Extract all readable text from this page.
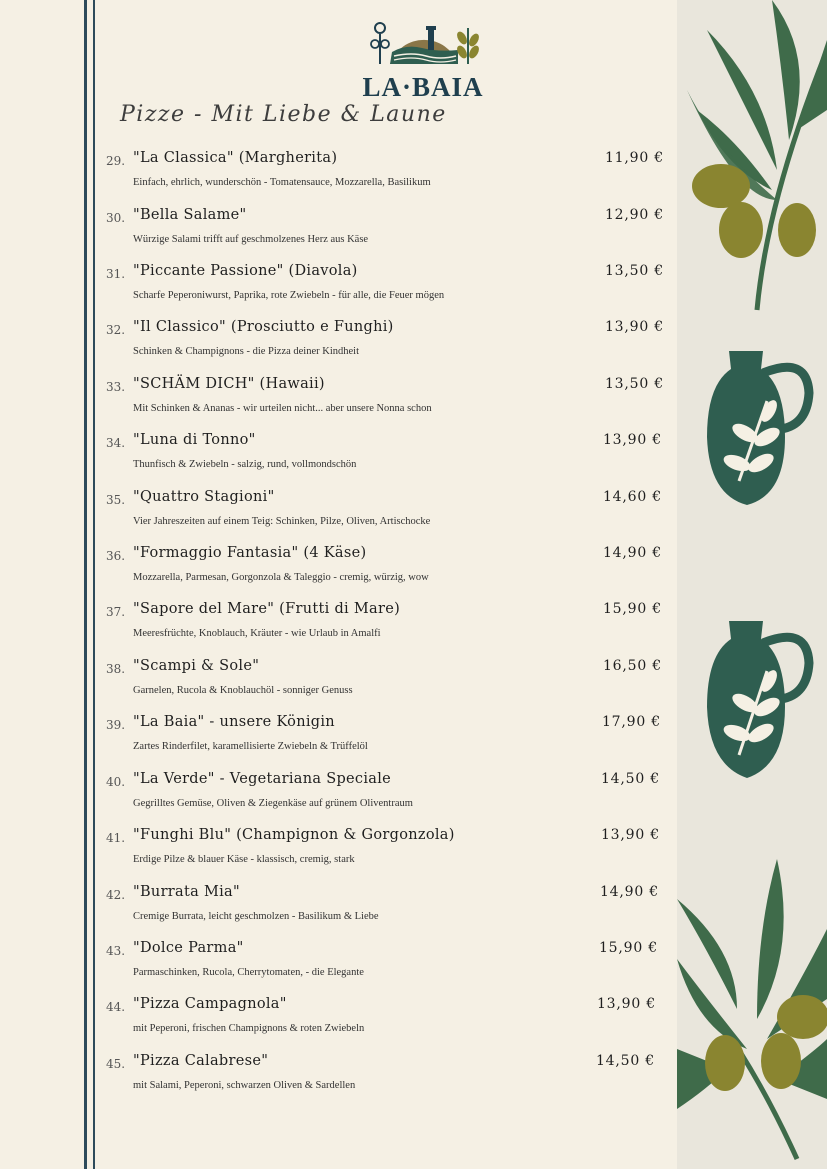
LA·BAIA
Pizze - Mit Liebe & Laune
29. "La Classica" (Margherita)
Einfach, ehrlich, wunderschön - Tomatensauce, Mozzarella, Basilikum
11,90 €
30. "Bella Salame"
Würzige Salami trifft auf geschmolzenes Herz aus Käse
12,90 €
31. "Piccante Passione" (Diavola)
Scharfe Peperoniwurst, Paprika, rote Zwiebeln - für alle, die Feuer mögen
13,50 €
32. "Il Classico" (Prosciutto e Funghi)
Schinken & Champignons - die Pizza deiner Kindheit
13,90 €
33. "SCHÄM DICH" (Hawaii)
Mit Schinken & Ananas - wir urteilen nicht... aber unsere Nonna schon
13,50 €
34. "Luna di Tonno"
Thunfisch & Zwiebeln - salzig, rund, vollmondschön
13,90 €
35. "Quattro Stagioni"
Vier Jahreszeiten auf einem Teig: Schinken, Pilze, Oliven, Artischocke
14,60 €
36. "Formaggio Fantasia" (4 Käse)
Mozzarella, Parmesan, Gorgonzola & Taleggio - cremig, würzig, wow
14,90 €
37. "Sapore del Mare" (Frutti di Mare)
Meeresfrüchte, Knoblauch, Kräuter - wie Urlaub in Amalfi
15,90 €
38. "Scampi & Sole"
Garnelen, Rucola & Knoblauchöl - sonniger Genuss
16,50 €
39. "La Baia" - unsere Königin
Zartes Rinderfilet, karamellisierte Zwiebeln & Trüffelöl
17,90 €
40. "La Verde" - Vegetariana Speciale
Gegrilltes Gemüse, Oliven & Ziegenkäse auf grünem Oliventraum
14,50 €
41. "Funghi Blu" (Champignon & Gorgonzola)
Erdige Pilze & blauer Käse - klassisch, cremig, stark
13,90 €
42. "Burrata Mia"
Cremige Burrata, leicht geschmolzen - Basilikum & Liebe
14,90 €
43. "Dolce Parma"
Parmaschinken, Rucola, Cherrytomaten, - die Elegante
15,90 €
44. "Pizza Campagnola"
mit Peperoni, frischen Champignons & roten Zwiebeln
13,90 €
45. "Pizza Calabrese"
mit Salami, Peperoni, schwarzen Oliven & Sardellen
14,50 €
